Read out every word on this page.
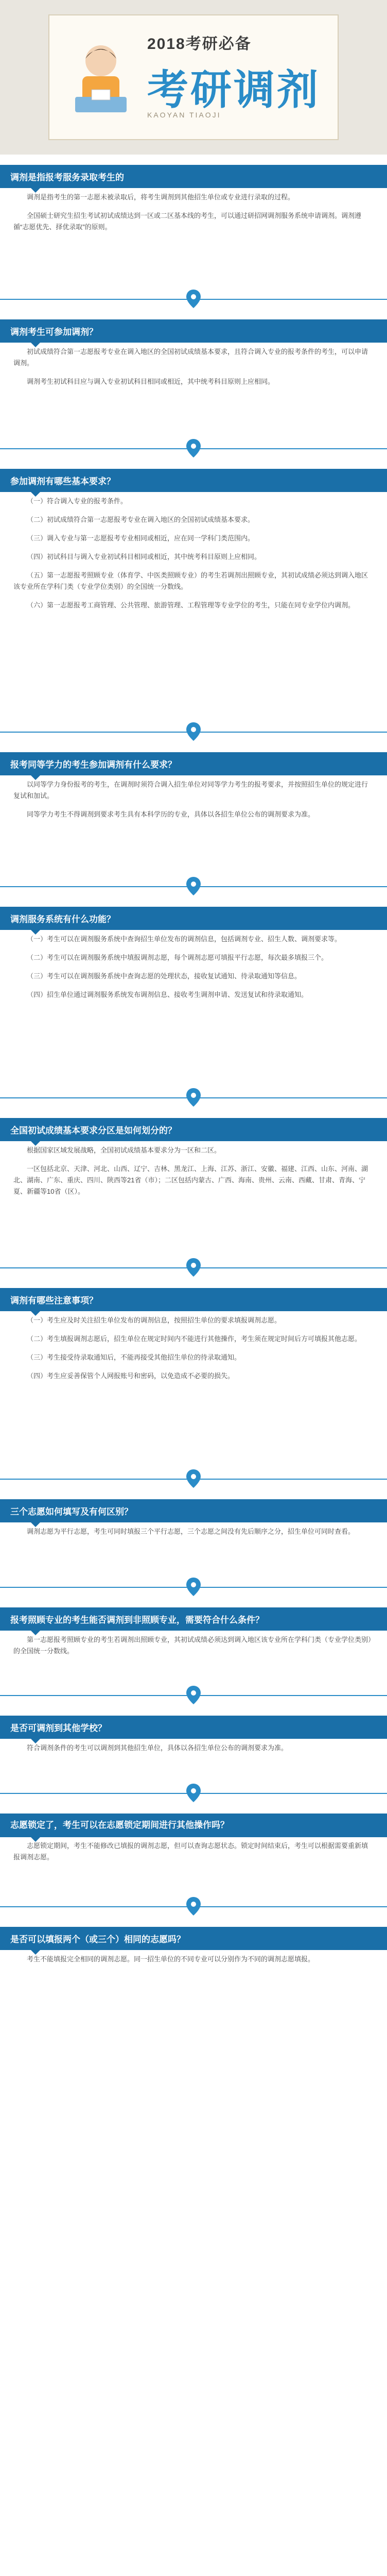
2018考研必备
考研调剂
KAOYAN TIAOJI
调剂是指报考服务录取考生的

调剂是指考生的第一志愿未被录取后，将考生调剂到其他招生单位或专业进行录取的过程。

全国硕士研究生招生考试初试成绩达到一区或二区基本线的考生，可以通过研招网调剂服务系统申请调剂。调剂遵循“志愿优先、择优录取”的原则。

调剂考生可参加调剂？

初试成绩符合第一志愿报考专业在调入地区的全国初试成绩基本要求，且符合调入专业的报考条件的考生，可以申请调剂。

调剂考生初试科目应与调入专业初试科目相同或相近，其中统考科目原则上应相同。

参加调剂有哪些基本要求？

（一）符合调入专业的报考条件。

（二）初试成绩符合第一志愿报考专业在调入地区的全国初试成绩基本要求。

（三）调入专业与第一志愿报考专业相同或相近，应在同一学科门类范围内。

（四）初试科目与调入专业初试科目相同或相近，其中统考科目原则上应相同。

（五）第一志愿报考照顾专业（体育学、中医类照顾专业）的考生若调剂出照顾专业，其初试成绩必须达到调入地区该专业所在学科门类（专业学位类别）的全国统一分数线。

（六）第一志愿报考工商管理、公共管理、旅游管理、工程管理等专业学位的考生，只能在同专业学位内调剂。

报考同等学力的考生参加调剂有什么要求？

以同等学力身份报考的考生，在调剂时须符合调入招生单位对同等学力考生的报考要求，并按照招生单位的规定进行复试和加试。

同等学力考生不得调剂到要求考生具有本科学历的专业，具体以各招生单位公布的调剂要求为准。

调剂服务系统有什么功能？

（一）考生可以在调剂服务系统中查询招生单位发布的调剂信息，包括调剂专业、招生人数、调剂要求等。

（二）考生可以在调剂服务系统中填报调剂志愿，每个调剂志愿可填报平行志愿，每次最多填报三个。

（三）考生可以在调剂服务系统中查询志愿的处理状态，接收复试通知、待录取通知等信息。

（四）招生单位通过调剂服务系统发布调剂信息、接收考生调剂申请、发送复试和待录取通知。

全国初试成绩基本要求分区是如何划分的？

根据国家区域发展战略，全国初试成绩基本要求分为一区和二区。

一区包括北京、天津、河北、山西、辽宁、吉林、黑龙江、上海、江苏、浙江、安徽、福建、江西、山东、河南、湖北、湖南、广东、重庆、四川、陕西等21省（市）；二区包括内蒙古、广西、海南、贵州、云南、西藏、甘肃、青海、宁夏、新疆等10省（区）。

调剂有哪些注意事项？

（一）考生应及时关注招生单位发布的调剂信息，按照招生单位的要求填报调剂志愿。

（二）考生填报调剂志愿后，招生单位在规定时间内不能进行其他操作，考生须在规定时间后方可填报其他志愿。

（三）考生接受待录取通知后，不能再接受其他招生单位的待录取通知。

（四）考生应妥善保管个人网报账号和密码，以免造成不必要的损失。

三个志愿如何填写及有何区别？

调剂志愿为平行志愿，考生可同时填报三个平行志愿，三个志愿之间没有先后顺序之分，招生单位可同时查看。

报考照顾专业的考生能否调剂到非照顾专业，需要符合什么条件？

第一志愿报考照顾专业的考生若调剂出照顾专业，其初试成绩必须达到调入地区该专业所在学科门类（专业学位类别）的全国统一分数线。

是否可调剂到其他学校？

符合调剂条件的考生可以调剂到其他招生单位，具体以各招生单位公布的调剂要求为准。

志愿锁定了，考生可以在志愿锁定期间进行其他操作吗？

志愿锁定期间，考生不能修改已填报的调剂志愿，但可以查询志愿状态。锁定时间结束后，考生可以根据需要重新填报调剂志愿。

是否可以填报两个（或三个）相同的志愿吗？

考生不能填报完全相同的调剂志愿。同一招生单位的不同专业可以分别作为不同的调剂志愿填报。
